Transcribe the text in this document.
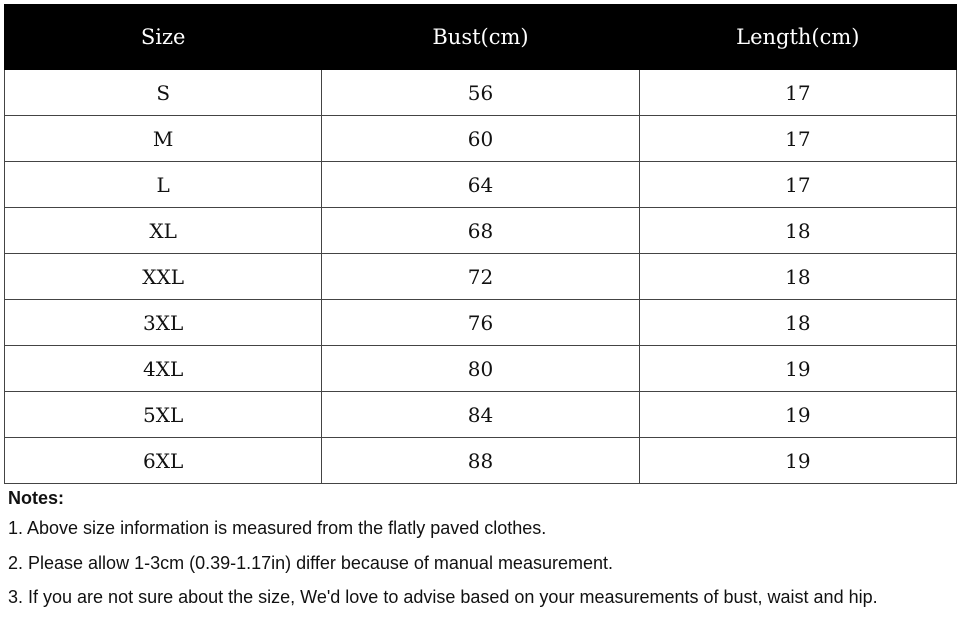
Size	Bust(cm)	Length(cm)
S	56	17
M	60	17
L	64	17
XL	68	18
XXL	72	18
3XL	76	18
4XL	80	19
5XL	84	19
6XL	88	19
Notes:
1. Above size information is measured from the flatly paved clothes.
2. Please allow 1-3cm (0.39-1.17in) differ because of manual measurement.
3. If you are not sure about the size, We'd love to advise based on your measurements of bust, waist and hip.
